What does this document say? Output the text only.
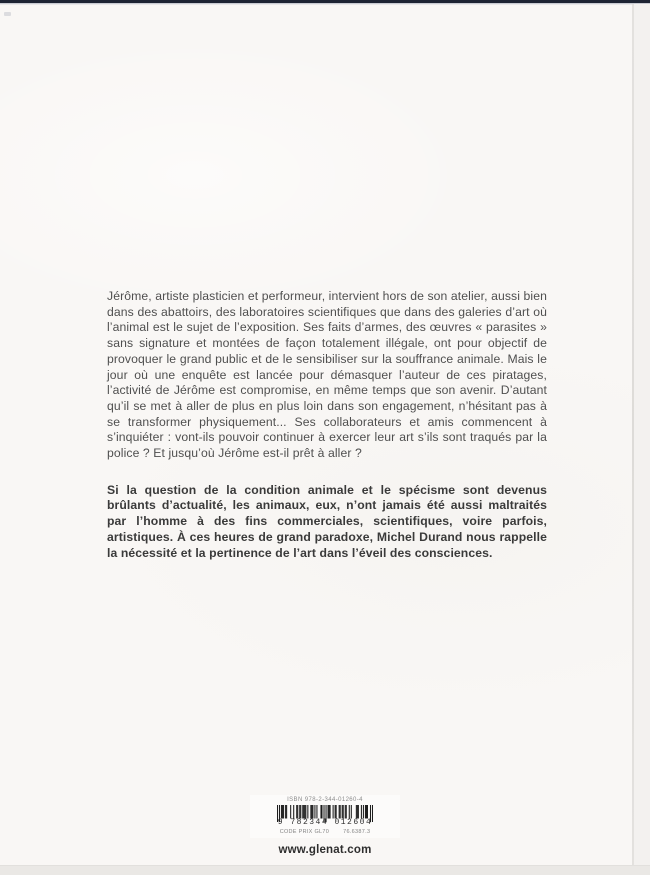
Jérôme, artiste plasticien et performeur, intervient hors de son atelier, aussi bien dans des abattoirs, des laboratoires scientifiques que dans des galeries d’art où l’animal est le sujet de l’exposition. Ses faits d’armes, des œuvres « parasites » sans signature et montées de façon totalement illégale, ont pour objectif de provoquer le grand public et de le sensibiliser sur la souffrance animale. Mais le jour où une enquête est lancée pour démasquer l’auteur de ces piratages, l’activité de Jérôme est compromise, en même temps que son avenir. D’autant qu’il se met à aller de plus en plus loin dans son engagement, n’hésitant pas à se transformer physiquement... Ses collaborateurs et amis commencent à s’inquiéter : vont-ils pouvoir continuer à exercer leur art s’ils sont traqués par la police ? Et jusqu’où Jérôme est-il prêt à aller ?

Si la question de la condition animale et le spécisme sont devenus brûlants d’actualité, les animaux, eux, n’ont jamais été aussi maltraités par l’homme à des fins commerciales, scientifiques, voire parfois, artistiques. À ces heures de grand paradoxe, Michel Durand nous rappelle la nécessité et la pertinence de l’art dans l’éveil des consciences.

ISBN 978-2-344-01260-4
9 782344 012604
CODE PRIX GL70	76.6387.3
www.glenat.com
